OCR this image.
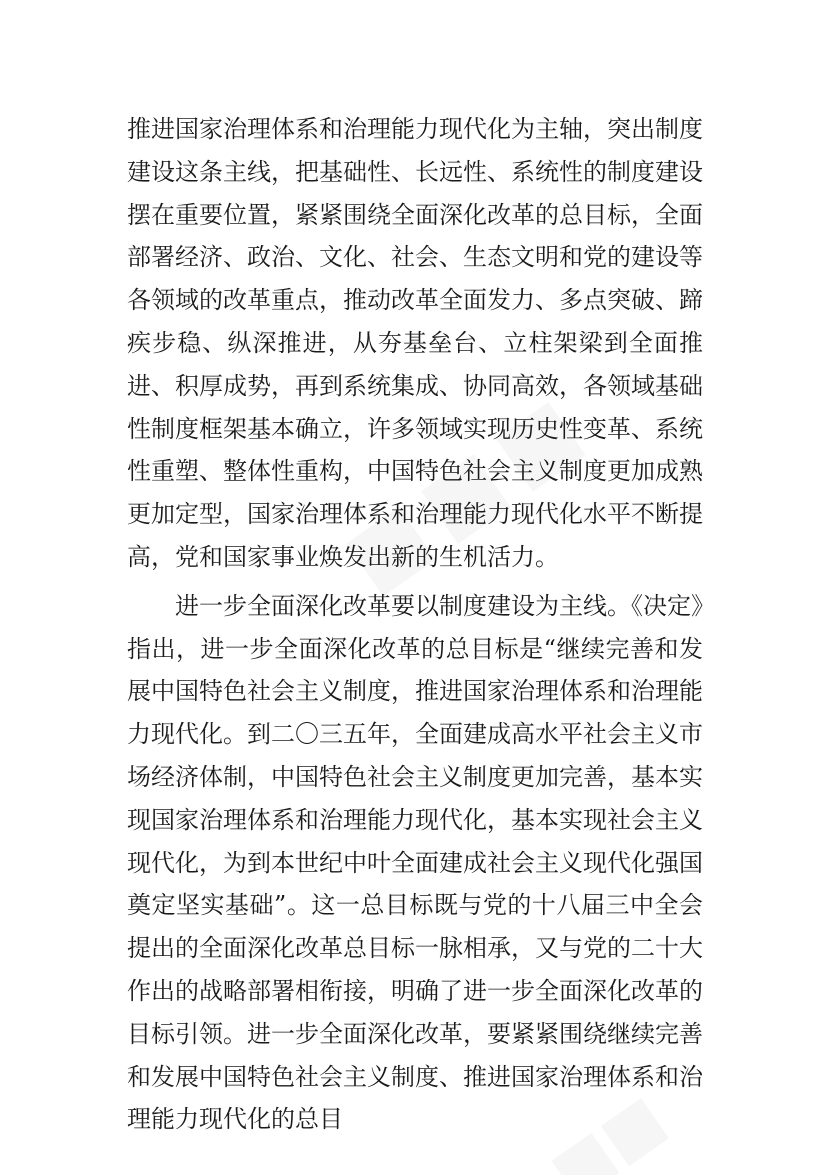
推进国家治理体系和治理能力现代化为主轴，突出制度建设这条主线，把基础性、长远性、系统性的制度建设摆在重要位置，紧紧围绕全面深化改革的总目标，全面部署经济、政治、文化、社会、生态文明和党的建设等各领域的改革重点，推动改革全面发力、多点突破、蹄疾步稳、纵深推进，从夯基垒台、立柱架梁到全面推进、积厚成势，再到系统集成、协同高效，各领域基础性制度框架基本确立，许多领域实现历史性变革、系统性重塑、整体性重构，中国特色社会主义制度更加成熟更加定型，国家治理体系和治理能力现代化水平不断提高，党和国家事业焕发出新的生机活力。

进一步全面深化改革要以制度建设为主线。《决定》指出，进一步全面深化改革的总目标是“继续完善和发展中国特色社会主义制度，推进国家治理体系和治理能力现代化。到二〇三五年，全面建成高水平社会主义市场经济体制，中国特色社会主义制度更加完善，基本实现国家治理体系和治理能力现代化，基本实现社会主义现代化，为到本世纪中叶全面建成社会主义现代化强国奠定坚实基础”。这一总目标既与党的十八届三中全会提出的全面深化改革总目标一脉相承，又与党的二十大作出的战略部署相衔接，明确了进一步全面深化改革的目标引领。进一步全面深化改革，要紧紧围绕继续完善和发展中国特色社会主义制度、推进国家治理体系和治理能力现代化的总目
